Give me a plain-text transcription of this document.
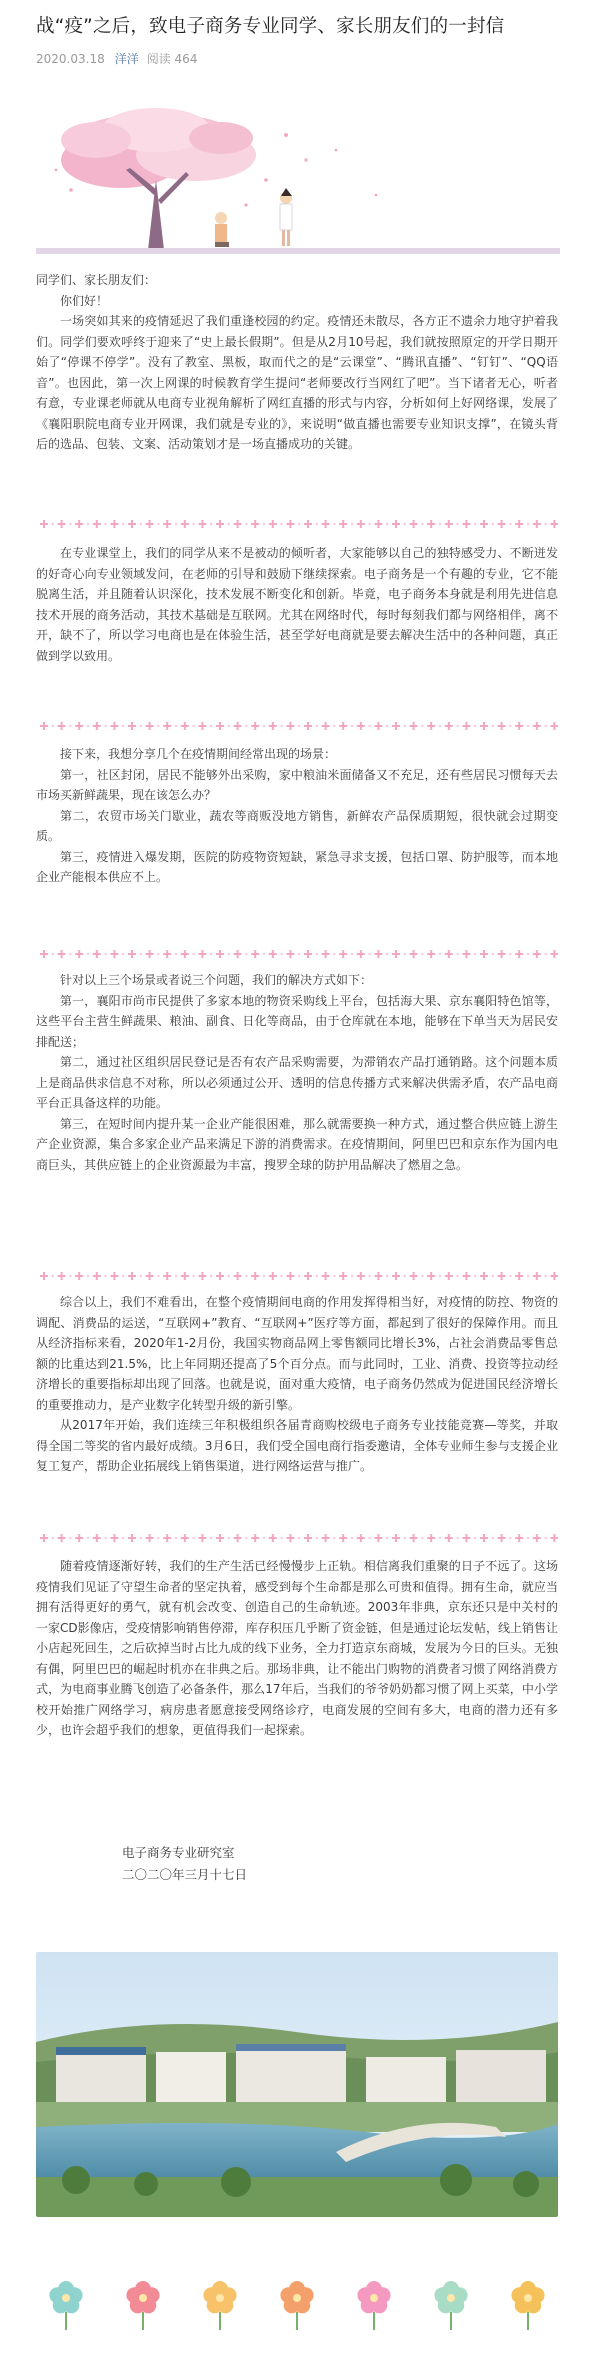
战“疫”之后，致电子商务专业同学、家长朋友们的一封信
2020.03.18 洋洋 阅读 464

同学们、家长朋友们：

你们好！

一场突如其来的疫情延迟了我们重逢校园的约定。疫情还未散尽，各方正不遗余力地守护着我们。同学们要欢呼终于迎来了“史上最长假期”。但是从2月10号起，我们就按照原定的开学日期开始了“停课不停学”。没有了教室、黑板，取而代之的是“云课堂”、“腾讯直播”、“钉钉”、“QQ语音”。也因此，第一次上网课的时候教育学生提问“老师要改行当网红了吧”。当下诸者无心，听者有意，专业课老师就从电商专业视角解析了网红直播的形式与内容，分析如何上好网络课，发展了《襄阳职院电商专业开网课，我们就是专业的》，来说明“做直播也需要专业知识支撑”，在镜头背后的选品、包装、文案、活动策划才是一场直播成功的关键。

在专业课堂上，我们的同学从来不是被动的倾听者，大家能够以自己的独特感受力、不断迸发的好奇心向专业领域发问，在老师的引导和鼓励下继续探索。电子商务是一个有趣的专业，它不能脱离生活，并且随着认识深化，技术发展不断变化和创新。毕竟，电子商务本身就是利用先进信息技术开展的商务活动，其技术基础是互联网。尤其在网络时代，每时每刻我们都与网络相伴，离不开，缺不了，所以学习电商也是在体验生活，甚至学好电商就是要去解决生活中的各种问题，真正做到学以致用。

接下来，我想分享几个在疫情期间经常出现的场景：

第一，社区封闭，居民不能够外出采购，家中粮油米面储备又不充足，还有些居民习惯每天去市场买新鲜蔬果，现在该怎么办？

第二，农贸市场关门歇业，蔬农等商贩没地方销售，新鲜农产品保质期短，很快就会过期变质。

第三，疫情进入爆发期，医院的防疫物资短缺，紧急寻求支援，包括口罩、防护服等，而本地企业产能根本供应不上。

针对以上三个场景或者说三个问题，我们的解决方式如下：

第一，襄阳市尚市民提供了多家本地的物资采购线上平台，包括海大果、京东襄阳特色馆等，这些平台主营生鲜蔬果、粮油、副食、日化等商品，由于仓库就在本地，能够在下单当天为居民安排配送；

第二，通过社区组织居民登记是否有农产品采购需要，为滞销农产品打通销路。这个问题本质上是商品供求信息不对称，所以必须通过公开、透明的信息传播方式来解决供需矛盾，农产品电商平台正具备这样的功能。

第三，在短时间内提升某一企业产能很困难，那么就需要换一种方式，通过整合供应链上游生产企业资源，集合多家企业产品来满足下游的消费需求。在疫情期间，阿里巴巴和京东作为国内电商巨头，其供应链上的企业资源最为丰富，搜罗全球的防护用品解决了燃眉之急。

综合以上，我们不难看出，在整个疫情期间电商的作用发挥得相当好，对疫情的防控、物资的调配、消费品的运送，“互联网+”教育、“互联网+”医疗等方面，都起到了很好的保障作用。而且从经济指标来看，2020年1-2月份，我国实物商品网上零售额同比增长3%，占社会消费品零售总额的比重达到21.5%，比上年同期还提高了5个百分点。而与此同时，工业、消费、投资等拉动经济增长的重要指标却出现了回落。也就是说，面对重大疫情，电子商务仍然成为促进国民经济增长的重要推动力，是产业数字化转型升级的新引擎。

从2017年开始，我们连续三年积极组织各届青商购校级电子商务专业技能竞赛—等奖，并取得全国二等奖的省内最好成绩。3月6日，我们受全国电商行指委邀请，全体专业师生参与支援企业复工复产，帮助企业拓展线上销售渠道，进行网络运营与推广。

随着疫情逐渐好转，我们的生产生活已经慢慢步上正轨。相信离我们重聚的日子不远了。这场疫情我们见证了守望生命者的坚定执着，感受到每个生命都是那么可贵和值得。拥有生命，就应当拥有活得更好的勇气，就有机会改变、创造自己的生命轨迹。2003年非典，京东还只是中关村的一家CD影像店，受疫情影响销售停滞，库存积压几乎断了资金链，但是通过论坛发帖，线上销售让小店起死回生，之后砍掉当时占比九成的线下业务，全力打造京东商城，发展为今日的巨头。无独有偶，阿里巴巴的崛起时机亦在非典之后。那场非典，让不能出门购物的消费者习惯了网络消费方式，为电商事业腾飞创造了必备条件，那么17年后，当我们的爷爷奶奶都习惯了网上买菜，中小学校开始推广网络学习，病房患者愿意接受网络诊疗，电商发展的空间有多大，电商的潜力还有多少，也许会超乎我们的想象，更值得我们一起探索。

电子商务专业研究室
二〇二〇年三月十七日
